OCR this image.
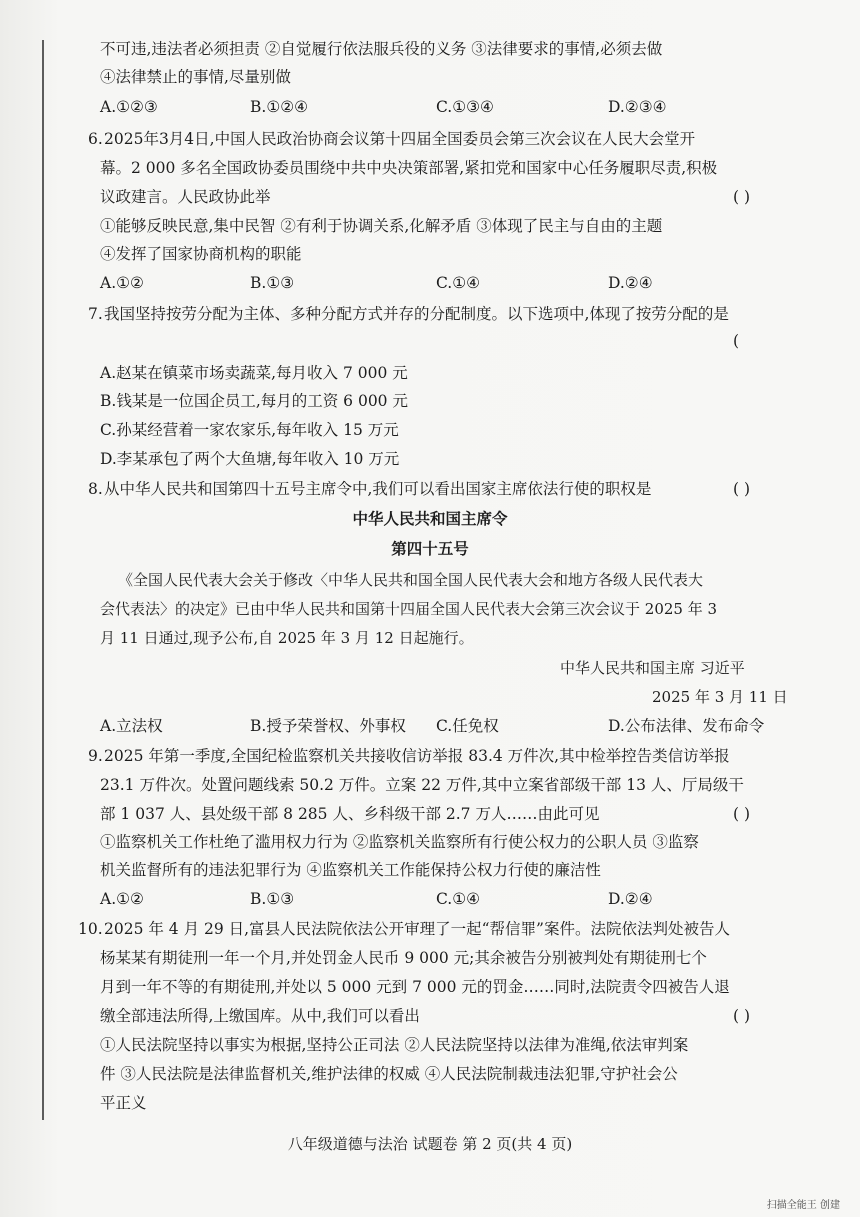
不可违,违法者必须担责 ②自觉履行依法服兵役的义务 ③法律要求的事情,必须去做
④法律禁止的事情,尽量别做
A.①②③	B.①②④	C.①③④	D.②③④
6. 2025年3月4日,中国人民政治协商会议第十四届全国委员会第三次会议在人民大会堂开
幕。2 000 多名全国政协委员围绕中共中央决策部署,紧扣党和国家中心任务履职尽责,积极
议政建言。人民政协此举	( )
①能够反映民意,集中民智 ②有利于协调关系,化解矛盾 ③体现了民主与自由的主题
④发挥了国家协商机构的职能
A.①②	B.①③	C.①④	D.②④
7. 我国坚持按劳分配为主体、多种分配方式并存的分配制度。以下选项中,体现了按劳分配的是
(
A.赵某在镇菜市场卖蔬菜,每月收入 7 000 元
B.钱某是一位国企员工,每月的工资 6 000 元
C.孙某经营着一家农家乐,每年收入 15 万元
D.李某承包了两个大鱼塘,每年收入 10 万元
8. 从中华人民共和国第四十五号主席令中,我们可以看出国家主席依法行使的职权是	( )
中华人民共和国主席令
第四十五号
《全国人民代表大会关于修改〈中华人民共和国全国人民代表大会和地方各级人民代表大
会代表法〉的决定》已由中华人民共和国第十四届全国人民代表大会第三次会议于 2025 年 3
月 11 日通过,现予公布,自 2025 年 3 月 12 日起施行。
中华人民共和国主席 习近平
2025 年 3 月 11 日
A.立法权	B.授予荣誉权、外事权 C.任免权	D.公布法律、发布命令
9. 2025 年第一季度,全国纪检监察机关共接收信访举报 83.4 万件次,其中检举控告类信访举报
23.1 万件次。处置问题线索 50.2 万件。立案 22 万件,其中立案省部级干部 13 人、厅局级干
部 1 037 人、县处级干部 8 285 人、乡科级干部 2.7 万人……由此可见	( )
①监察机关工作杜绝了滥用权力行为 ②监察机关监察所有行使公权力的公职人员 ③监察
机关监督所有的违法犯罪行为 ④监察机关工作能保持公权力行使的廉洁性
A.①②	B.①③	C.①④	D.②④
10. 2025 年 4 月 29 日,富县人民法院依法公开审理了一起“帮信罪”案件。法院依法判处被告人
杨某某有期徒刑一年一个月,并处罚金人民币 9 000 元;其余被告分别被判处有期徒刑七个
月到一年不等的有期徒刑,并处以 5 000 元到 7 000 元的罚金……同时,法院责令四被告人退
缴全部违法所得,上缴国库。从中,我们可以看出	( )
①人民法院坚持以事实为根据,坚持公正司法 ②人民法院坚持以法律为准绳,依法审判案
件 ③人民法院是法律监督机关,维护法律的权威 ④人民法院制裁违法犯罪,守护社会公
平正义
八年级道德与法治 试题卷 第 2 页(共 4 页)
扫描全能王 创建
